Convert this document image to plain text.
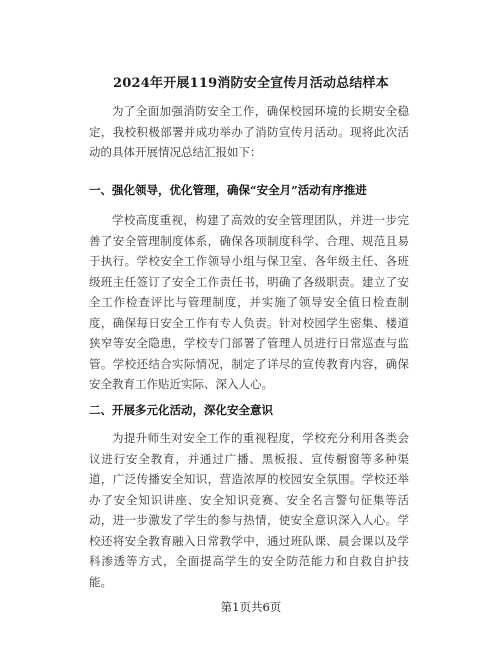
2024年开展119消防安全宣传月活动总结样本
为了全面加强消防安全工作，确保校园环境的长期安全稳定，我校积极部署并成功举办了消防宣传月活动。现将此次活动的具体开展情况总结汇报如下：
一、强化领导，优化管理，确保“安全月”活动有序推进
学校高度重视，构建了高效的安全管理团队，并进一步完善了安全管理制度体系，确保各项制度科学、合理、规范且易于执行。学校安全工作领导小组与保卫室、各年级主任、各班级班主任签订了安全工作责任书，明确了各级职责。建立了安全工作检查评比与管理制度，并实施了领导安全值日检查制度，确保每日安全工作有专人负责。针对校园学生密集、楼道狭窄等安全隐患，学校专门部署了管理人员进行日常巡查与监管。学校还结合实际情况，制定了详尽的宣传教育内容，确保安全教育工作贴近实际、深入人心。
二、开展多元化活动，深化安全意识
为提升师生对安全工作的重视程度，学校充分利用各类会议进行安全教育，并通过广播、黑板报、宣传橱窗等多种渠道，广泛传播安全知识，营造浓厚的校园安全氛围。学校还举办了安全知识讲座、安全知识竞赛、安全名言警句征集等活动，进一步激发了学生的参与热情，使安全意识深入人心。学校还将安全教育融入日常教学中，通过班队课、晨会课以及学科渗透等方式，全面提高学生的安全防范能力和自救自护技能。
第1页共6页
